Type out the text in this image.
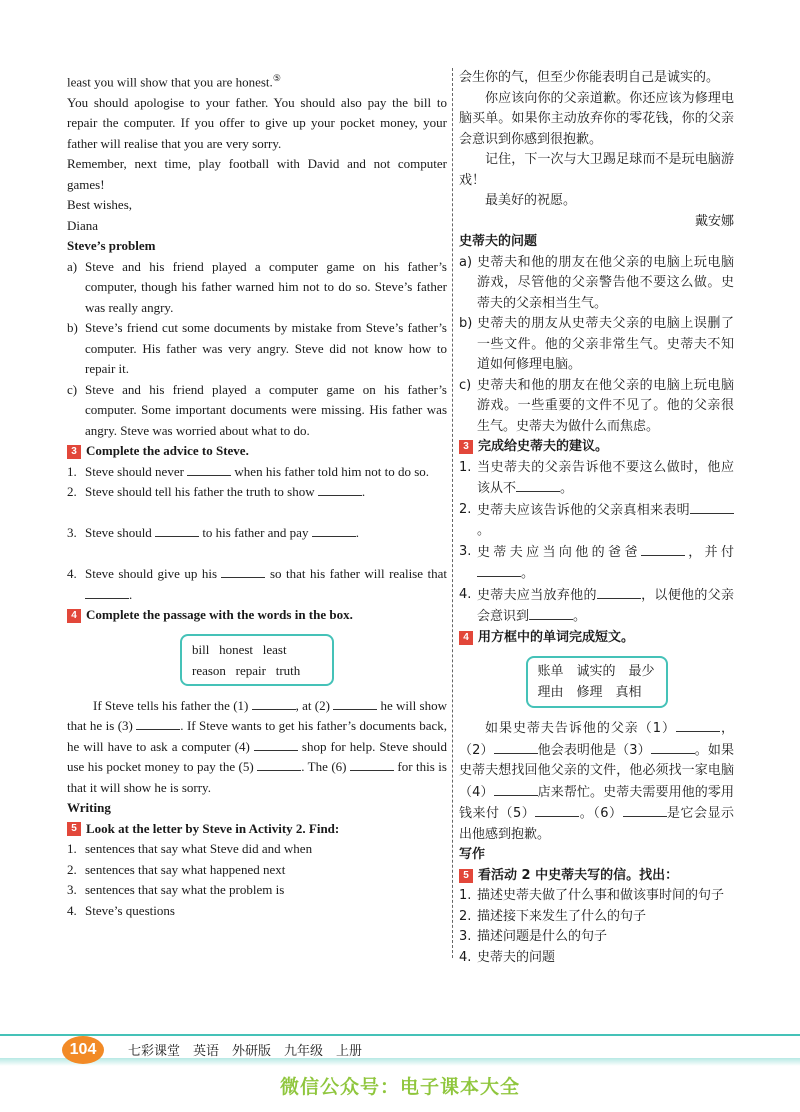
least you will show that you are honest.⑤

You should apologise to your father. You should also pay the bill to repair the computer. If you offer to give up your pocket money, your father will realise that you are very sorry.

Remember, next time, play football with David and not computer games!

Best wishes,

Diana

Steve’s problem

a) Steve and his friend played a computer game on his father’s computer, though his father warned him not to do so. Steve’s father was really angry.
b) Steve’s friend cut some documents by mistake from Steve’s father’s computer. His father was very angry. Steve did not know how to repair it.
c) Steve and his friend played a computer game on his father’s computer. Some important documents were missing. His father was angry. Steve was worried about what to do.

3 Complete the advice to Steve.

1. Steve should never	when his father told him not to do so.
2. Steve should tell his father the truth to show	.
3. Steve should	to his father and pay	.
4. Steve should give up his	so that his father will realise that .

4 Complete the passage with the words in the box.

bill   honest   least
reason   repair   truth

If Steve tells his father the (1)	, at (2)	he will show that he is (3)	. If Steve wants to get his father’s documents back, he will have to ask a computer (4)	shop for help. Steve should use his pocket money to pay the (5)	. The (6)	for this is that it will show he is sorry.

Writing

5 Look at the letter by Steve in Activity 2. Find:

1. sentences that say what Steve did and when
2. sentences that say what happened next
3. sentences that say what the problem is
4. Steve’s questions

会生你的气，但至少你能表明自己是诚实的。

你应该向你的父亲道歉。你还应该为修理电脑买单。如果你主动放弃你的零花钱，你的父亲会意识到你感到很抱歉。

记住，下一次与大卫踢足球而不是玩电脑游戏！

最美好的祝愿。

戴安娜

史蒂夫的问题

a) 史蒂夫和他的朋友在他父亲的电脑上玩电脑游戏，尽管他的父亲警告他不要这么做。史蒂夫的父亲相当生气。
b) 史蒂夫的朋友从史蒂夫父亲的电脑上误删了一些文件。他的父亲非常生气。史蒂夫不知道如何修理电脑。
c) 史蒂夫和他的朋友在他父亲的电脑上玩电脑游戏。一些重要的文件不见了。他的父亲很生气。史蒂夫为做什么而焦虑。

3 完成给史蒂夫的建议。

1. 当史蒂夫的父亲告诉他不要这么做时，他应该从不	。
2. 史蒂夫应该告诉他的父亲真相来表明。
3. 史蒂夫应当向他的爸爸	，并付。
4. 史蒂夫应当放弃他的	，以便他的父亲会意识到	。

4 用方框中的单词完成短文。

账单　诚实的　最少
理由　修理　真相

如果史蒂夫告诉他的父亲（1）	，（2）	他会表明他是（3）	。如果史蒂夫想找回他父亲的文件，他必须找一家电脑（4）	店来帮忙。史蒂夫需要用他的零用钱来付（5）	。（6）	是它会显示出他感到抱歉。

写作

5 看活动 2 中史蒂夫写的信。找出：

1. 描述史蒂夫做了什么事和做该事时间的句子
2. 描述接下来发生了什么的句子
3. 描述问题是什么的句子
4. 史蒂夫的问题
104	七彩课堂　英语　外研版　九年级　上册
微信公众号：电子课本大全
